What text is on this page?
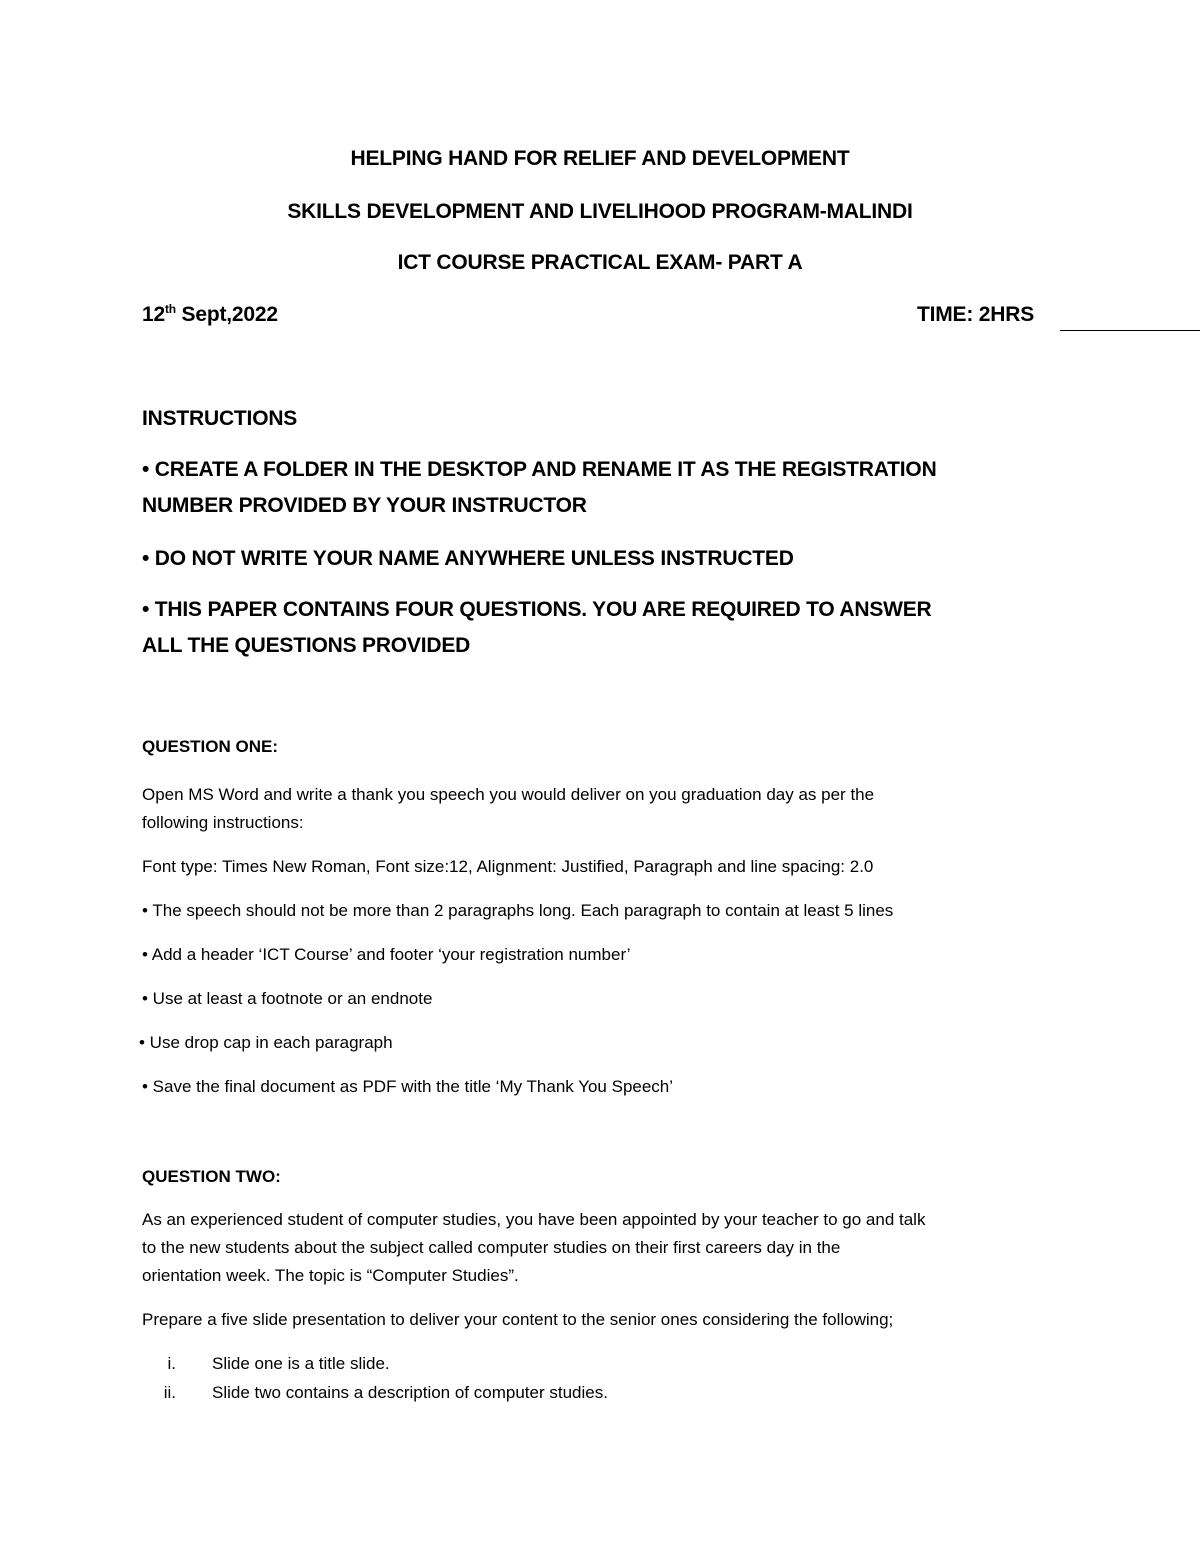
HELPING HAND FOR RELIEF AND DEVELOPMENT
SKILLS DEVELOPMENT AND LIVELIHOOD PROGRAM-MALINDI
ICT COURSE PRACTICAL EXAM- PART A
12th Sept,2022	TIME: 2HRS
INSTRUCTIONS
• CREATE A FOLDER IN THE DESKTOP AND RENAME IT AS THE REGISTRATION
NUMBER PROVIDED BY YOUR INSTRUCTOR
• DO NOT WRITE YOUR NAME ANYWHERE UNLESS INSTRUCTED
• THIS PAPER CONTAINS FOUR QUESTIONS. YOU ARE REQUIRED TO ANSWER
ALL THE QUESTIONS PROVIDED
QUESTION ONE:
Open MS Word and write a thank you speech you would deliver on you graduation day as per the
following instructions:
Font type: Times New Roman, Font size:12, Alignment: Justified, Paragraph and line spacing: 2.0
• The speech should not be more than 2 paragraphs long. Each paragraph to contain at least 5 lines
• Add a header ‘ICT Course’ and footer ‘your registration number’
• Use at least a footnote or an endnote
• Use drop cap in each paragraph
• Save the final document as PDF with the title ‘My Thank You Speech’
QUESTION TWO:
As an experienced student of computer studies, you have been appointed by your teacher to go and talk
to the new students about the subject called computer studies on their first careers day in the
orientation week. The topic is “Computer Studies”.
Prepare a five slide presentation to deliver your content to the senior ones considering the following;
i. Slide one is a title slide.
ii. Slide two contains a description of computer studies.
